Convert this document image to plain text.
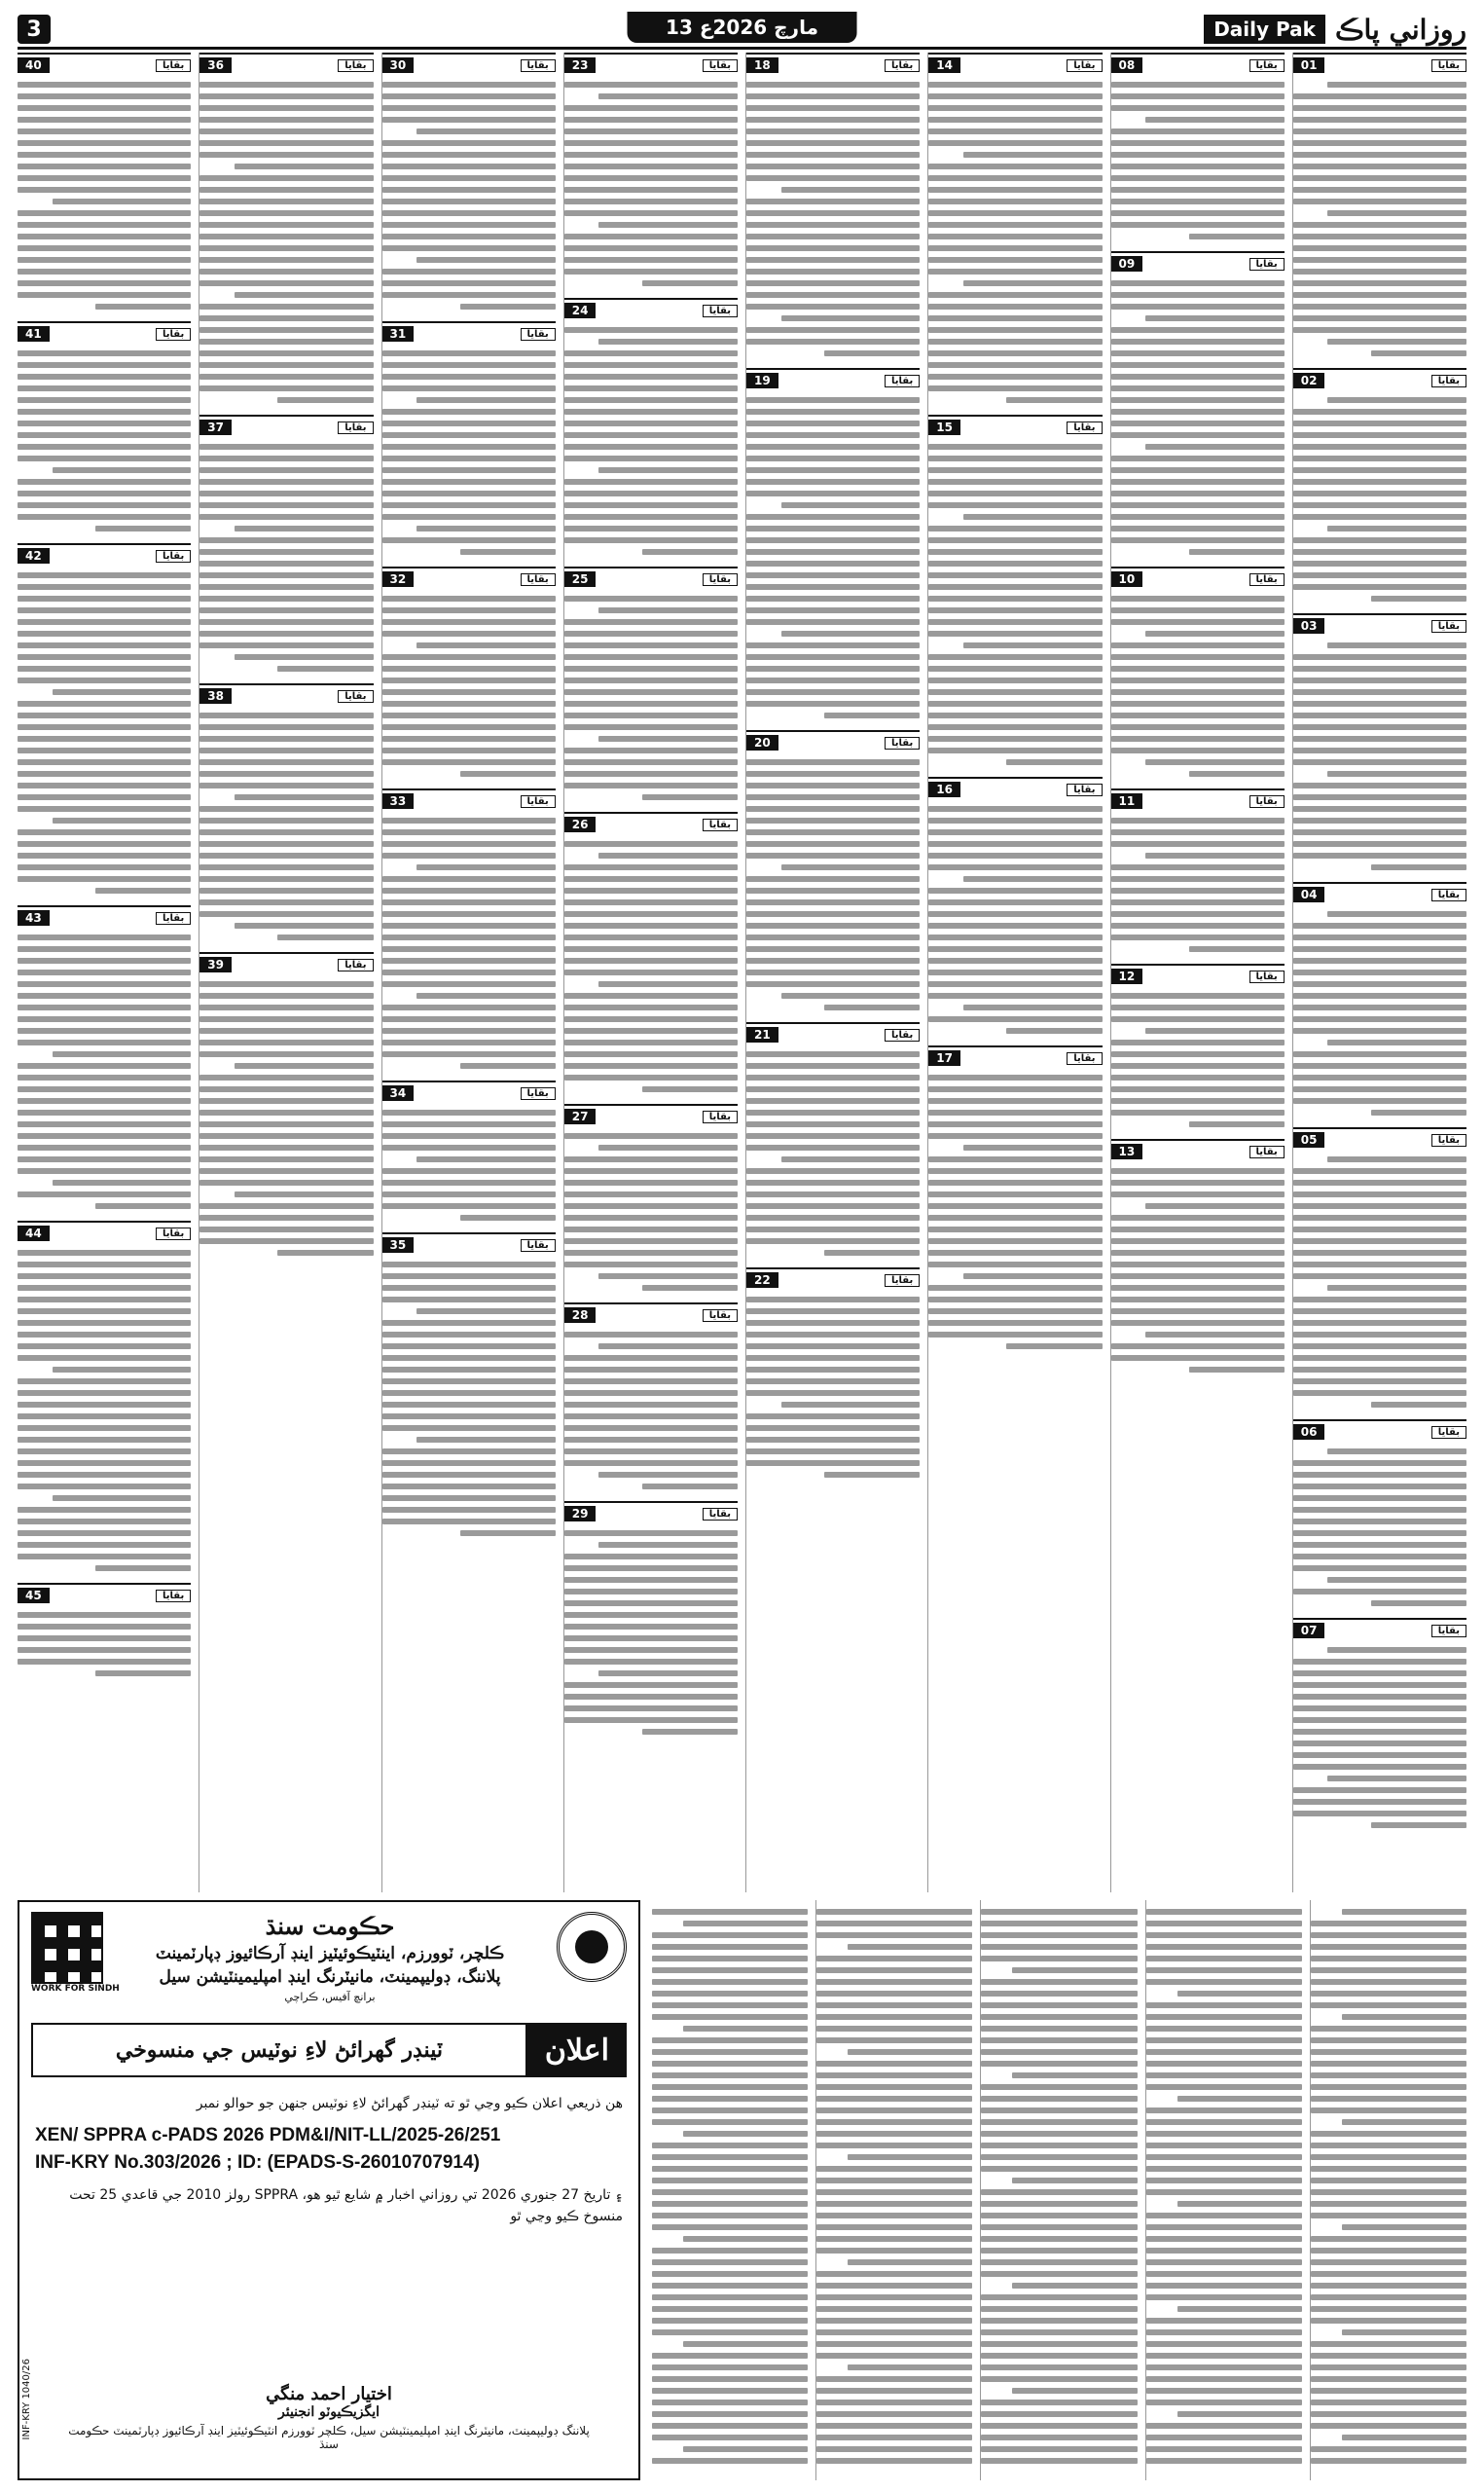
3	13 مارچ 2026ع	Daily Pak روزاني پاڪ
بقايا
01
بقايا
02
بقايا
03
بقايا
04
بقايا
05
بقايا
06
بقايا
07
بقايا
08
بقايا
09
بقايا
10
بقايا
11
بقايا
12
بقايا
13
بقايا
14
بقايا
15
بقايا
16
بقايا
17
بقايا
18
بقايا
19
بقايا
20
بقايا
21
بقايا
22
بقايا
23
بقايا
24
بقايا
25
بقايا
26
بقايا
27
بقايا
28
بقايا
29
بقايا
30
بقايا
31
بقايا
32
بقايا
33
بقايا
34
بقايا
35
بقايا
36
بقايا
37
بقايا
38
بقايا
39
بقايا
40
بقايا
41
بقايا
42
بقايا
43
بقايا
44
بقايا
45
حڪومت سنڌ
ڪلچر، ٽوورزم، اينٽيڪوئيٽيز اينڊ آرڪائيوز ڊپارٽمينٽ
پلاننگ، ڊوليپمينٽ، مانيٽرنگ اينڊ امپليمينٽيشن سيل
برانچ آفيس، ڪراچي
WORK FOR SINDH
اعلان
ٽينڊر گهرائڻ لاءِ نوٽيس جي منسوخي
هن ذريعي اعلان ڪيو وڃي ٿو ته ٽينڊر گهرائڻ لاءِ نوٽيس جنهن جو حوالو نمبر
XEN/ SPPRA c-PADS 2026 PDM&I/NIT-LL/2025-26/251
INF-KRY No.303/2026 ; ID: (EPADS-S-26010707914)
۽ تاريخ 27 جنوري 2026 تي روزاني اخبار ۾ شايع ٿيو هو، SPPRA رولز 2010 جي قاعدي 25 تحت منسوخ ڪيو وڃي ٿو
اختيار احمد منگي
ايگزيڪيوٽو انجنيئر
پلاننگ ڊوليپمينٽ، مانيٽرنگ اينڊ امپليمينٽيشن سيل، ڪلچر ٽوورزم انٽيڪوئيٽيز اينڊ آرڪائيوز ڊپارٽمينٽ حڪومت سنڌ
INF-KRY 1040/26
